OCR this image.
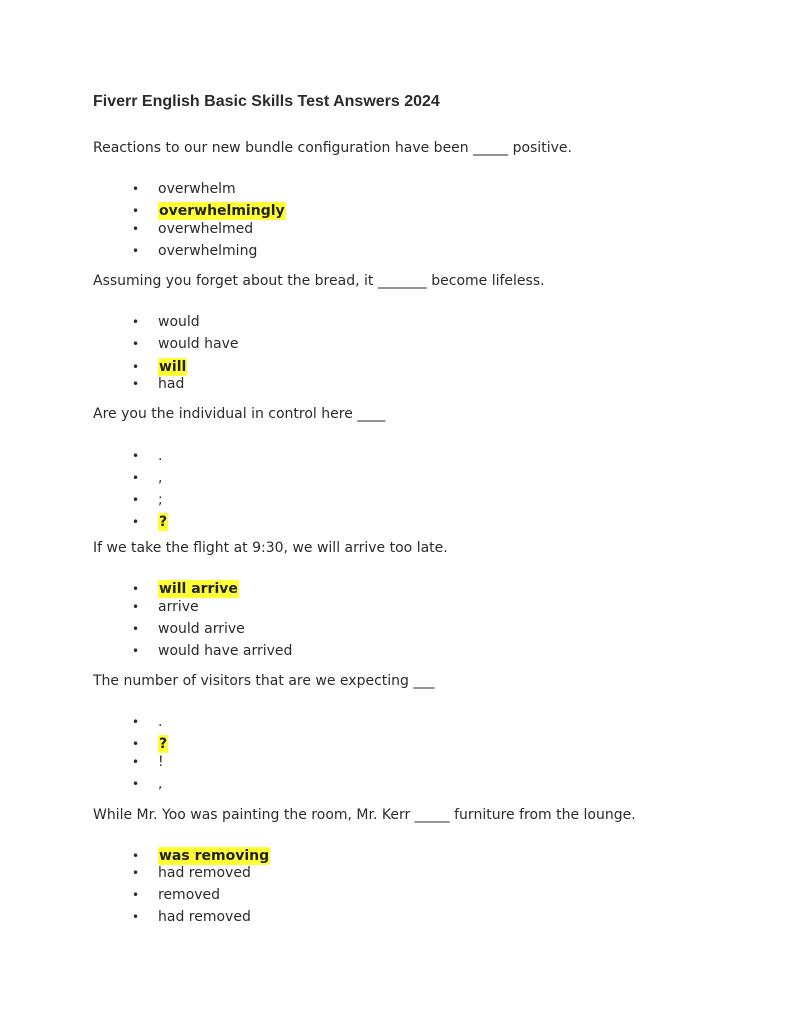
Fiverr English Basic Skills Test Answers 2024

Reactions to our new bundle configuration have been _____ positive.

• overwhelm
• overwhelmingly
• overwhelmed
• overwhelming

Assuming you forget about the bread, it _______ become lifeless.

• would
• would have
• will
• had

Are you the individual in control here ____

• .
• ,
• ;
• ?

If we take the flight at 9:30, we will arrive too late.

• will arrive
• arrive
• would arrive
• would have arrived

The number of visitors that are we expecting ___

• .
• ?
• !
• ,

While Mr. Yoo was painting the room, Mr. Kerr _____ furniture from the lounge.

• was removing
• had removed
• removed
• had removed
